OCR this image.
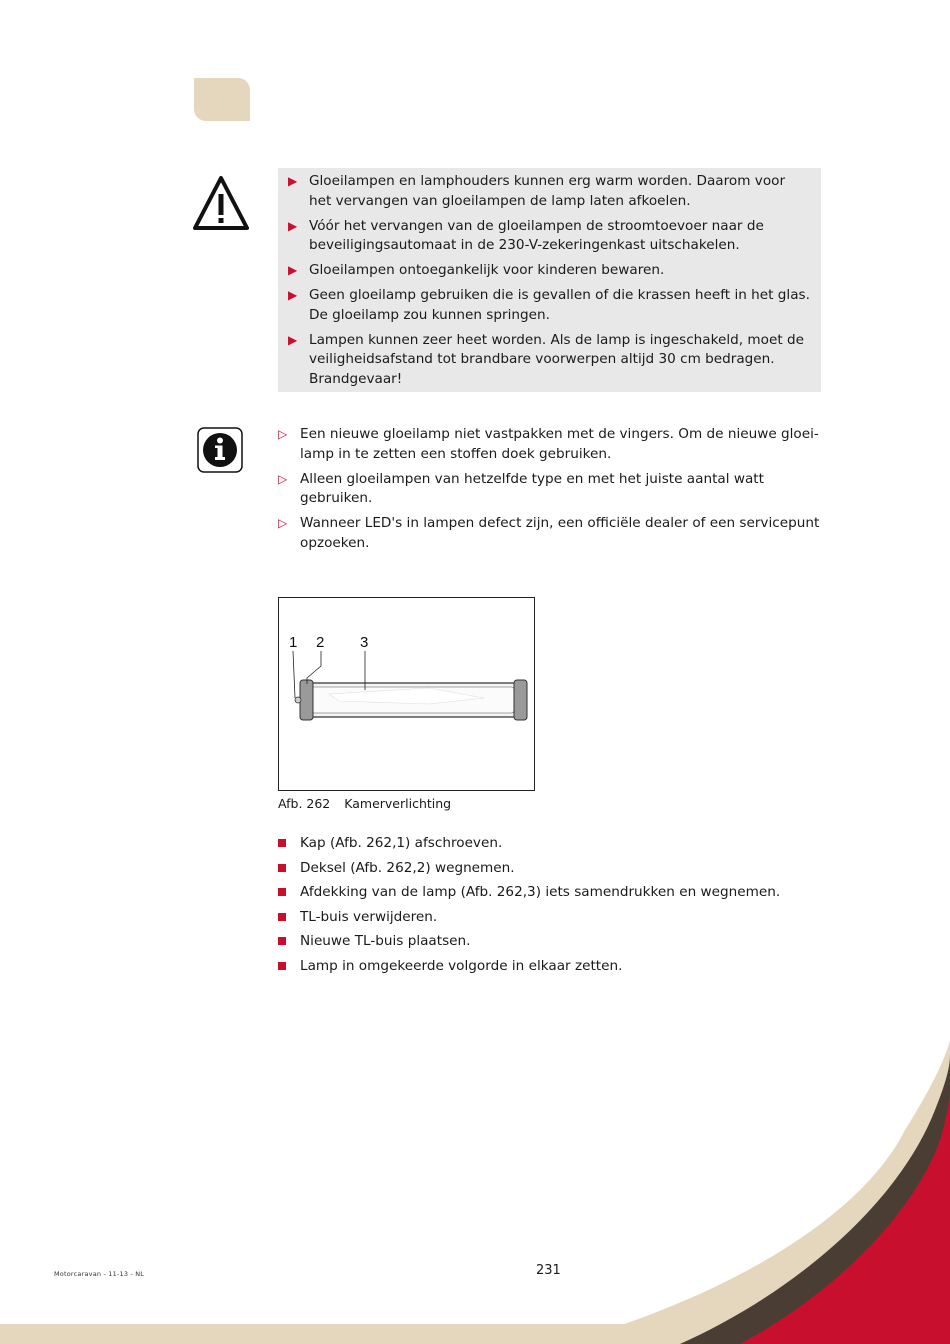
▶ Gloeilampen en lamphouders kunnen erg warm worden. Daarom voor het vervangen van gloeilampen de lamp laten afkoelen.
▶ Vóór het vervangen van de gloeilampen de stroomtoevoer naar de beveiligingsautomaat in de 230-V-zekeringenkast uitschakelen.
▶ Gloeilampen ontoegankelijk voor kinderen bewaren.
▶ Geen gloeilamp gebruiken die is gevallen of die krassen heeft in het glas. De gloeilamp zou kunnen springen.
▶ Lampen kunnen zeer heet worden. Als de lamp is ingeschakeld, moet de veiligheidsafstand tot brandbare voorwerpen altijd 30 cm bedragen. Brandgevaar!
▷ Een nieuwe gloeilamp niet vastpakken met de vingers. Om de nieuwe gloeilamp in te zetten een stoffen doek gebruiken.
▷ Alleen gloeilampen van hetzelfde type en met het juiste aantal watt gebruiken.
▷ Wanneer LED's in lampen defect zijn, een officiële dealer of een servicepunt opzoeken.
1 2 3
Afb. 262 Kamerverlichting
Kap (Afb. 262,1) afschroeven.
Deksel (Afb. 262,2) wegnemen.
Afdekking van de lamp (Afb. 262,3) iets samendrukken en wegnemen.
TL-buis verwijderen.
Nieuwe TL-buis plaatsen.
Lamp in omgekeerde volgorde in elkaar zetten.
Motorcaravan - 11-13 - NL	231
